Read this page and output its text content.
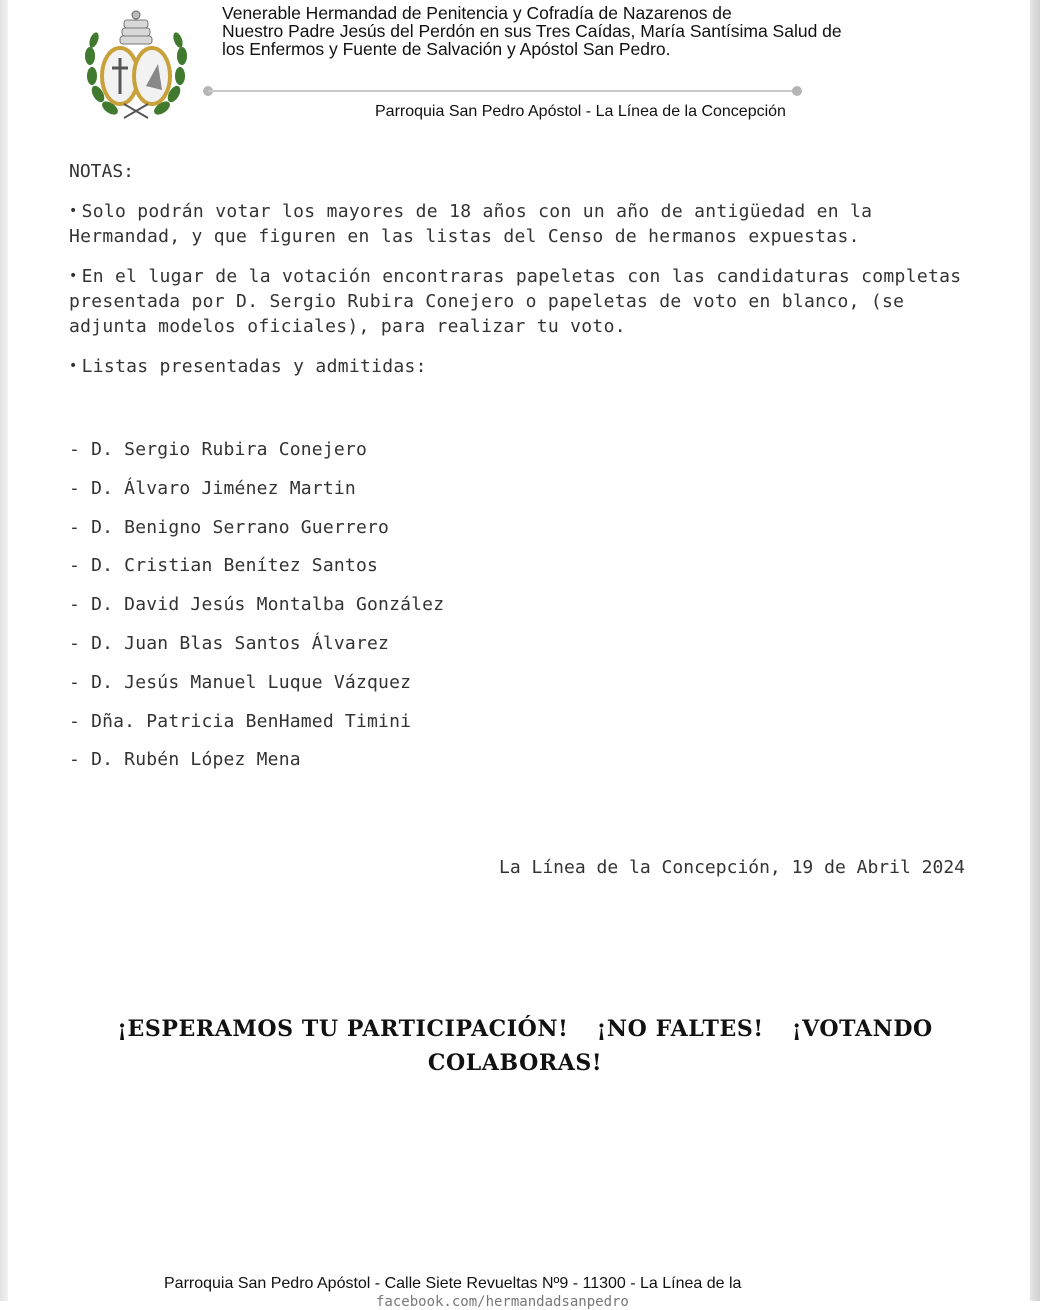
Venerable Hermandad de Penitencia y Cofradía de Nazarenos de
Nuestro Padre Jesús del Perdón en sus Tres Caídas, María Santísima Salud de
los Enfermos y Fuente de Salvación y Apóstol San Pedro.
Parroquia San Pedro Apóstol - La Línea de la Concepción
NOTAS:
• Solo podrán votar los mayores de 18 años con un año de antigüedad en la Hermandad, y que figuren en las listas del Censo de hermanos expuestas.
• En el lugar de la votación encontraras papeletas con las candidaturas completas presentada por D. Sergio Rubira Conejero o papeletas de voto en blanco, (se adjunta modelos oficiales), para realizar tu voto.
• Listas presentadas y admitidas:
- D. Sergio Rubira Conejero
- D. Álvaro Jiménez Martin
- D. Benigno Serrano Guerrero
- D. Cristian Benítez Santos
- D. David Jesús Montalba González
- D. Juan Blas Santos Álvarez
- D. Jesús Manuel Luque Vázquez
- Dña. Patricia BenHamed Timini
- D. Rubén López Mena
La Línea de la Concepción, 19 de Abril 2024
¡ESPERAMOS TU PARTICIPACIÓN! ¡NO FALTES! ¡VOTANDO COLABORAS!
Parroquia San Pedro Apóstol - Calle Siete Revueltas Nº9 - 11300 - La Línea de la
facebook.com/hermandadsanpedro
